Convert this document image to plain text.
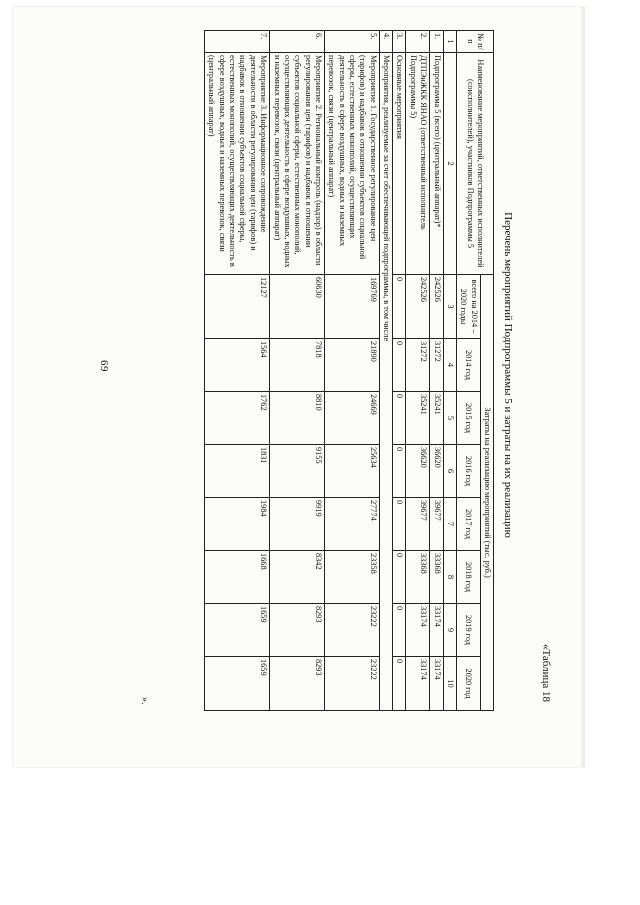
«Таблица 18
Перечень мероприятий Подпрограммы 5 и затраты на их реализацию
№ п/п	Наименование мероприятий, ответственных исполнителей (соисполнителей), участников Подпрограммы 5	Затраты на реализацию мероприятий (тыс. руб.)							
		всего на 2014 – 2020 годы	2014 год	2015 год	2016 год	2017 год	2018 год	2019 год	2020 год
1	2	3	4	5	6	7	8	9	10
1.	Подпрограмма 5 (всего) (центральный аппарат)*	242526	31272	35241	36620	39677	33368	33174	33174
2.	ДТПЭиЖКК ЯНАО (ответственный исполнитель Подпрограммы 5)	242526	31272	35241	36620	39677	33368	33174	33174
3.	Основные мероприятия	0	0	0	0	0	0	0	0
4.	Мероприятия, реализуемые за счет обеспечивающей подпрограммы, в том числе								
5.	Мероприятие 1. Государственное регулирование цен (тарифов) и надбавок в отношении субъектов социальной сферы, естественных монополий, осуществляющих деятельность в сфере воздушных, водных и наземных перевозок, связи (центральный аппарат)	169769	21890	24669	25634	27774	23358	23222	23222
6.	Мероприятие 2. Региональный контроль (надзор) в области регулирования цен (тарифов) и надбавок в отношении субъектов социальной сферы, естественных монополий, осуществляющих деятельность в сфере воздушных, водных и наземных перевозок, связи (центральный аппарат)	60630	7818	8810	9155	9919	8342	8293	8293
7.	Мероприятие 3. Информационное сопровождение деятельности в области регулирования цен (тарифов) и надбавок в отношении субъектов социальной сферы, естественных монополий, осуществляющих деятельность в сфере воздушных, водных и наземных перевозок, связи (центральный аппарат)	12127	1564	1762	1831	1984	1668	1659	1659
69
».
